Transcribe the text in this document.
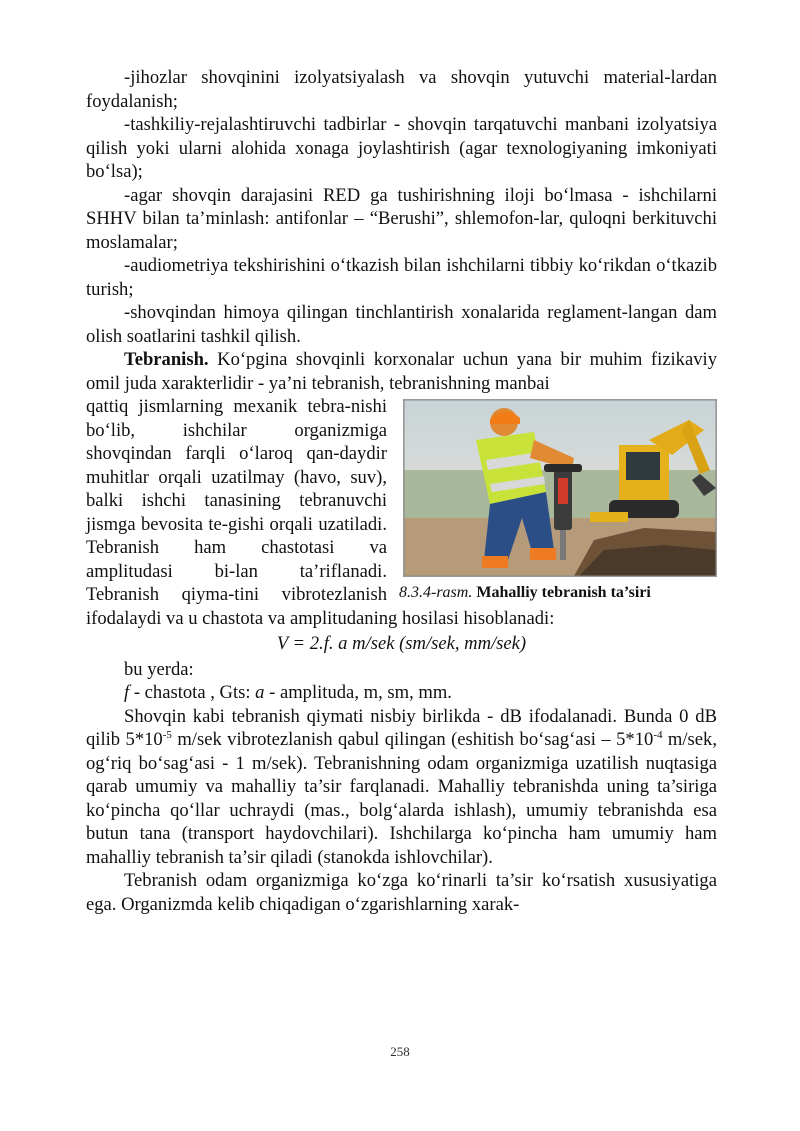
-jihozlar shovqinini izolyatsiyalash va shovqin yutuvchi material-lardan foydalanish;

-tashkiliy-rejalashtiruvchi tadbirlar - shovqin tarqatuvchi manbani izolyatsiya qilish yoki ularni alohida xonaga joylashtirish (agar texnologiyaning imkoniyati bo‘lsa);

-agar shovqin darajasini RED ga tushirishning iloji bo‘lmasa - ishchilarni SHHV bilan ta’minlash: antifonlar – “Berushi”, shlemofon-lar, quloqni berkituvchi moslamalar;

-audiometriya tekshirishini o‘tkazish bilan ishchilarni tibbiy ko‘rikdan o‘tkazib turish;

-shovqindan himoya qilingan tinchlantirish xonalarida reglament-langan dam olish soatlarini tashkil qilish.

Tebranish. Ko‘pgina shovqinli korxonalar uchun yana bir muhim fizikaviy omil juda xarakterlidir - ya’ni tebranish, tebranishning manbai

8.3.4-rasm. Mahalliy tebranish ta’siri

qattiq jismlarning mexanik tebra-nishi bo‘lib, ishchilar organizmiga shovqindan farqli o‘laroq qan-daydir muhitlar orqali uzatilmay (havo, suv), balki ishchi tanasining tebranuvchi jismga bevosita te-gishi orqali uzatiladi. Tebranish ham chastotasi va amplitudasi bi-lan ta’riflanadi. Tebranish qiyma-tini vibrotezlanish ifodalaydi va u chastota va amplitudaning hosilasi hisoblanadi:

V = 2.f. a m/sek (sm/sek, mm/sek)

bu yerda:

f - chastota , Gts: a - amplituda, m, sm, mm.

Shovqin kabi tebranish qiymati nisbiy birlikda - dB ifodalanadi. Bunda 0 dB qilib $5*10^{-5}$ m/sek vibrotezlanish qabul qilingan (eshitish bo‘sag‘asi – $5*10^{-4}$ m/sek, og‘riq bo‘sag‘asi - 1 m/sek). Tebranishning odam organizmiga uzatilish nuqtasiga qarab umumiy va mahalliy ta’sir farqlanadi. Mahalliy tebranishda uning ta’siriga ko‘pincha qo‘llar uchraydi (mas., bolg‘alarda ishlash), umumiy tebranishda esa butun tana (transport haydovchilari). Ishchilarga ko‘pincha ham umumiy ham mahalliy tebranish ta’sir qiladi (stanokda ishlovchilar).

Tebranish odam organizmiga ko‘zga ko‘rinarli ta’sir ko‘rsatish xususiyatiga ega. Organizmda kelib chiqadigan o‘zgarishlarning xarak-

258
